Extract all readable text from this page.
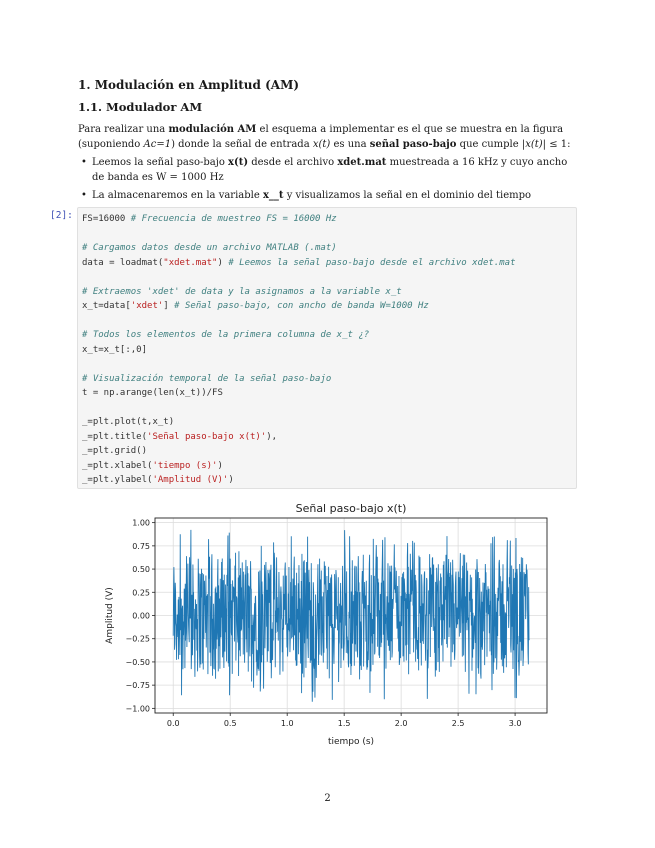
1. Modulación en Amplitud (AM)
1.1. Modulador AM
Para realizar una modulación AM el esquema a implementar es el que se muestra en la figura (suponiendo Ac=1) donde la señal de entrada x(t) es una señal paso-bajo que cumple |x(t)| ≤ 1:
• Leemos la señal paso-bajo x(t) desde el archivo xdet.mat muestreada a 16 kHz y cuyo ancho de banda es W = 1000 Hz
• La almacenaremos en la variable x__t y visualizamos la señal en el dominio del tiempo
[2]: FS=16000 # Frecuencia de muestreo FS = 16000 Hz

# Cargamos datos desde un archivo MATLAB (.mat)
data = loadmat("xdet.mat") # Leemos la señal paso-bajo desde el archivo xdet.mat

# Extraemos 'xdet' de data y la asignamos a la variable x_t
x_t=data['xdet'] # Señal paso-bajo, con ancho de banda W=1000 Hz

# Todos los elementos de la primera columna de x_t ¿?
x_t=x_t[:,0]

# Visualización temporal de la señal paso-bajo
t = np.arange(len(x_t))/FS

_=plt.plot(t,x_t)
_=plt.title('Señal paso-bajo x(t)'),
_=plt.grid()
_=plt.xlabel('tiempo (s)')
_=plt.ylabel('Amplitud (V)')
Señal paso-bajo x(t)
0.0	0.5	1.0	1.5	2.0	2.5	3.0
1.00
0.75
0.50
0.25
0.00
−0.25
−0.50
−0.75
−1.00
tiempo (s)
Amplitud (V)
2
